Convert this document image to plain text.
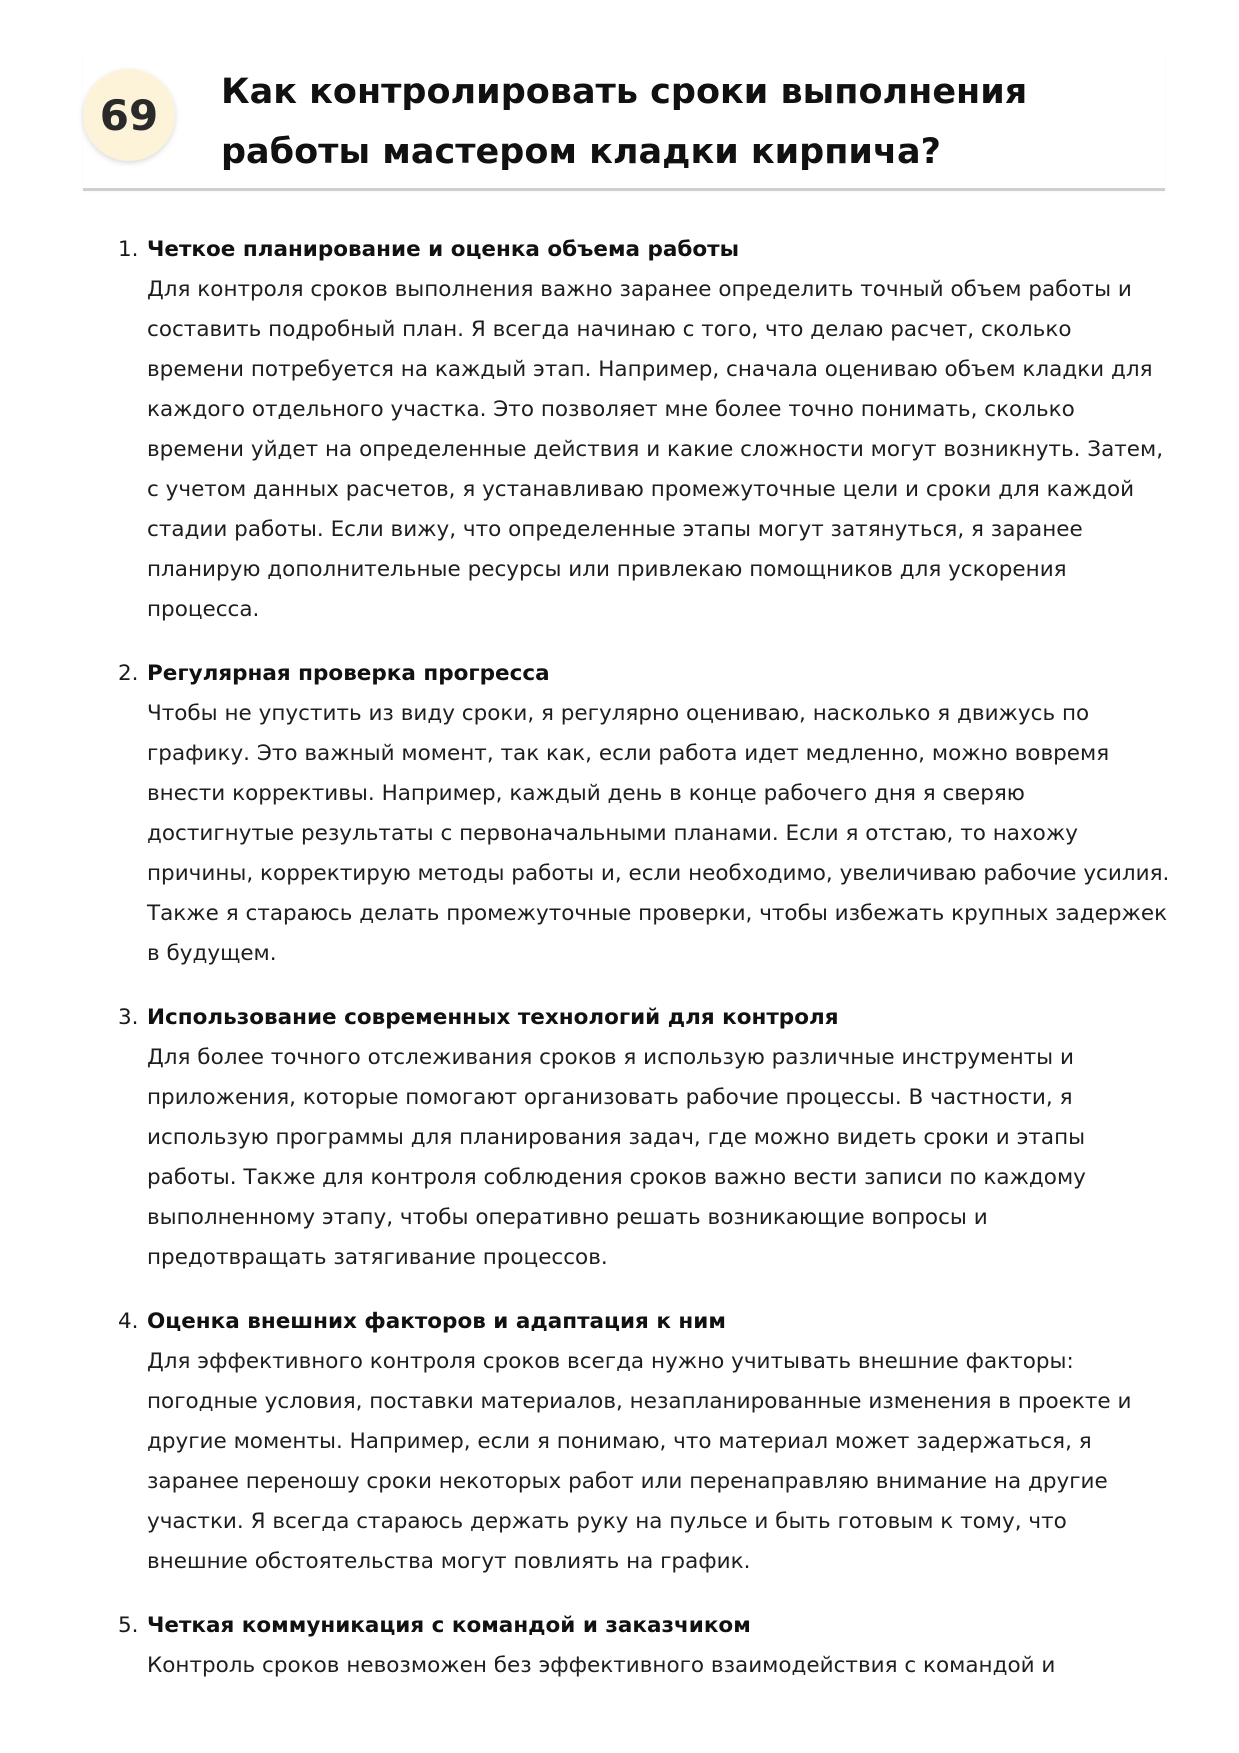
69	Как контролировать сроки выполнения работы мастером кладки кирпича?
1. Четкое планирование и оценка объема работы
Для контроля сроков выполнения важно заранее определить точный объем работы и составить подробный план. Я всегда начинаю с того, что делаю расчет, сколько времени потребуется на каждый этап. Например, сначала оцениваю объем кладки для каждого отдельного участка. Это позволяет мне более точно понимать, сколько времени уйдет на определенные действия и какие сложности могут возникнуть. Затем, с учетом данных расчетов, я устанавливаю промежуточные цели и сроки для каждой стадии работы. Если вижу, что определенные этапы могут затянуться, я заранее планирую дополнительные ресурсы или привлекаю помощников для ускорения процесса.
2. Регулярная проверка прогресса
Чтобы не упустить из виду сроки, я регулярно оцениваю, насколько я движусь по графику. Это важный момент, так как, если работа идет медленно, можно вовремя внести коррективы. Например, каждый день в конце рабочего дня я сверяю достигнутые результаты с первоначальными планами. Если я отстаю, то нахожу причины, корректирую методы работы и, если необходимо, увеличиваю рабочие усилия. Также я стараюсь делать промежуточные проверки, чтобы избежать крупных задержек в будущем.
3. Использование современных технологий для контроля
Для более точного отслеживания сроков я использую различные инструменты и приложения, которые помогают организовать рабочие процессы. В частности, я использую программы для планирования задач, где можно видеть сроки и этапы работы. Также для контроля соблюдения сроков важно вести записи по каждому выполненному этапу, чтобы оперативно решать возникающие вопросы и предотвращать затягивание процессов.
4. Оценка внешних факторов и адаптация к ним
Для эффективного контроля сроков всегда нужно учитывать внешние факторы: погодные условия, поставки материалов, незапланированные изменения в проекте и другие моменты. Например, если я понимаю, что материал может задержаться, я заранее переношу сроки некоторых работ или перенаправляю внимание на другие участки. Я всегда стараюсь держать руку на пульсе и быть готовым к тому, что внешние обстоятельства могут повлиять на график.
5. Четкая коммуникация с командой и заказчиком
Контроль сроков невозможен без эффективного взаимодействия с командой и
